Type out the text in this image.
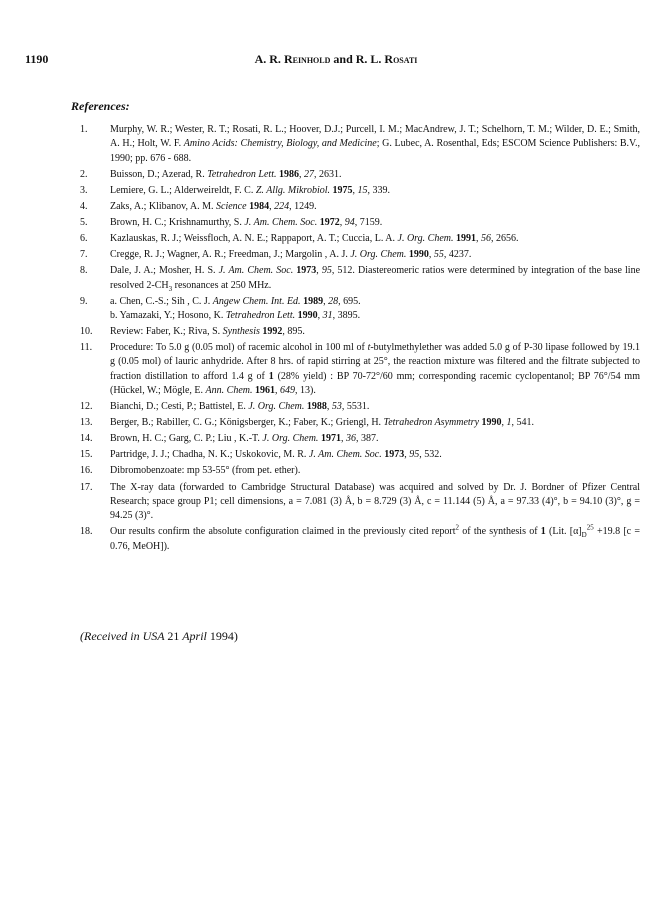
1190	A. R. Reinhold and R. L. Rosati
References:
1.	Murphy, W. R.; Wester, R. T.; Rosati, R. L.; Hoover, D.J.; Purcell, I. M.; MacAndrew, J. T.; Schelhorn, T. M.; Wilder, D. E.; Smith, A. H.; Holt, W. F. Amino Acids: Chemistry, Biology, and Medicine; G. Lubec, A. Rosenthal, Eds; ESCOM Science Publishers: B.V., 1990; pp. 676 - 688.
2.	Buisson, D.; Azerad, R. Tetrahedron Lett. 1986, 27, 2631.
3.	Lemiere, G. L.; Alderweireldt, F. C. Z. Allg. Mikrobiol. 1975, 15, 339.
4.	Zaks, A.; Klibanov, A. M. Science 1984, 224, 1249.
5.	Brown, H. C.; Krishnamurthy, S. J. Am. Chem. Soc. 1972, 94, 7159.
6.	Kazlauskas, R. J.; Weissfloch, A. N. E.; Rappaport, A. T.; Cuccia, L. A. J. Org. Chem. 1991, 56, 2656.
7.	Cregge, R. J.; Wagner, A. R.; Freedman, J.; Margolin , A. J. J. Org. Chem. 1990, 55, 4237.
8.	Dale, J. A.; Mosher, H. S. J. Am. Chem. Soc. 1973, 95, 512. Diastereomeric ratios were determined by integration of the base line resolved $2-CH_3$ resonances at 250 MHz.
9.	a. Chen, C.-S.; Sih , C. J. Angew Chem. Int. Ed. 1989, 28, 695.
b. Yamazaki, Y.; Hosono, K. Tetrahedron Lett. 1990, 31, 3895.
10.	Review: Faber, K.; Riva, S. Synthesis 1992, 895.
11.	Procedure: To 5.0 g (0.05 mol) of racemic alcohol in 100 ml of t-butylmethylether was added 5.0 g of P-30 lipase followed by 19.1 g (0.05 mol) of lauric anhydride. After 8 hrs. of rapid stirring at 25°, the reaction mixture was filtered and the filtrate subjected to fraction distillation to afford 1.4 g of 1 (28% yield) : BP 70-72°/60 mm; corresponding racemic cyclopentanol; BP 76°/54 mm (Hückel, W.; Mögle, E. Ann. Chem. 1961, 649, 13).
12.	Bianchi, D.; Cesti, P.; Battistel, E. J. Org. Chem. 1988, 53, 5531.
13.	Berger, B.; Rabiller, C. G.; Königsberger, K.; Faber, K.; Griengl, H. Tetrahedron Asymmetry 1990, 1, 541.
14.	Brown, H. C.; Garg, C. P.; Liu , K.-T. J. Org. Chem. 1971, 36, 387.
15.	Partridge, J. J.; Chadha, N. K.; Uskokovic, M. R. J. Am. Chem. Soc. 1973, 95, 532.
16.	Dibromobenzoate: mp 53-55° (from pet. ether).
17.	The X-ray data (forwarded to Cambridge Structural Database) was acquired and solved by Dr. J. Bordner of Pfizer Central Research; space group P1; cell dimensions, a = 7.081 (3) Å, b = 8.729 (3) Å, c = 11.144 (5) Å, a = 97.33 (4)°, b = 94.10 (3)°, g = 94.25 (3)°.
18.	Our results confirm the absolute configuration claimed in the previously cited report$^2$ of the synthesis of 1 (Lit. $[\alpha]_D^{25} +19.8$ [c = 0.76, MeOH]).
(Received in USA 21 April 1994)
